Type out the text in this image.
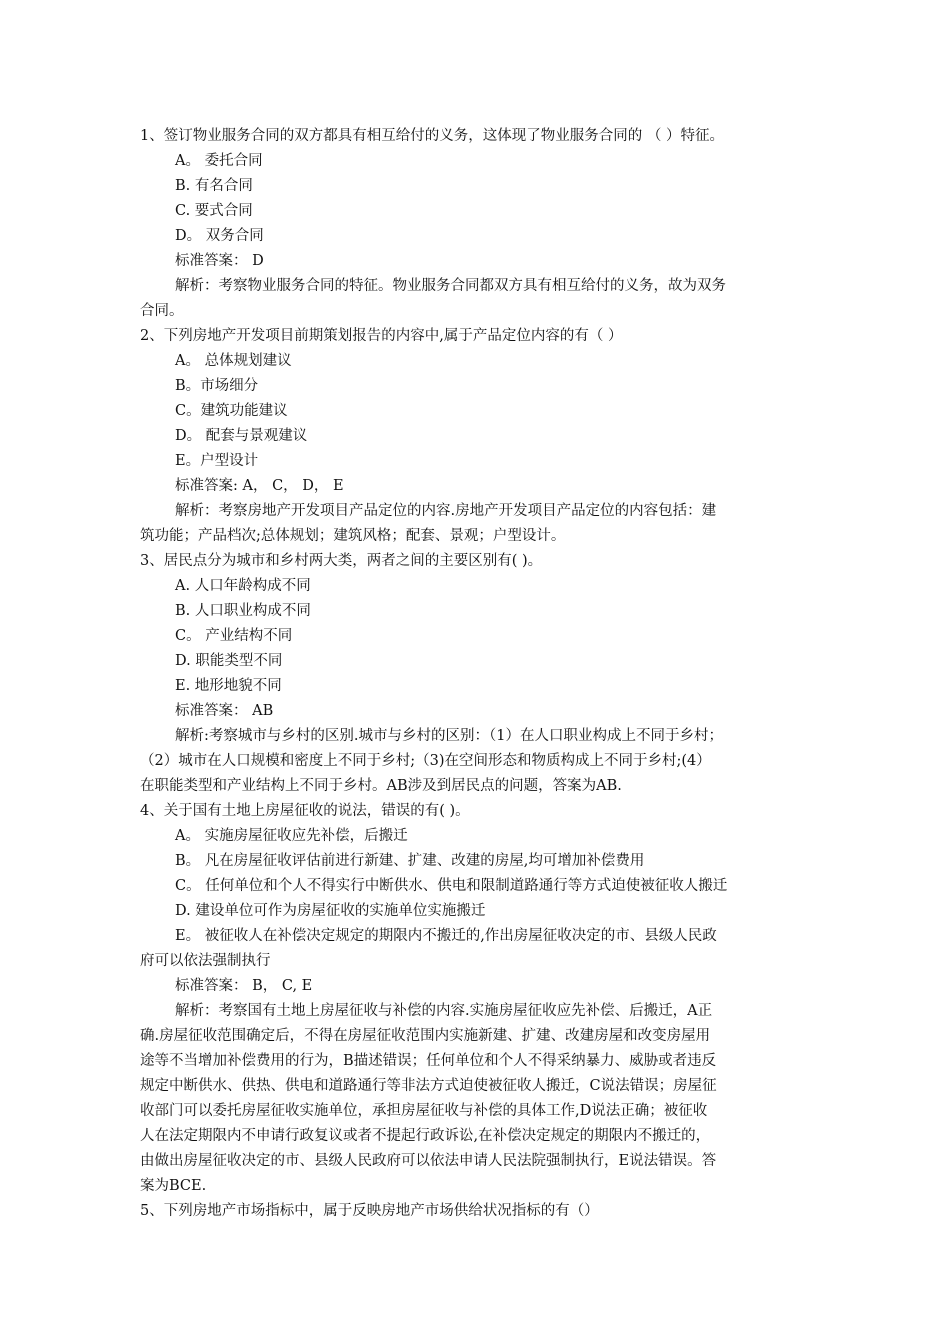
1、签订物业服务合同的双方都具有相互给付的义务，这体现了物业服务合同的 （ ）特征。
A。 委托合同
B. 有名合同
C. 要式合同
D。 双务合同
标准答案： D
解析：考察物业服务合同的特征。物业服务合同都双方具有相互给付的义务，故为双务
合同。
2、下列房地产开发项目前期策划报告的内容中,属于产品定位内容的有（ ）
A。 总体规划建议
B。市场细分
C。建筑功能建议
D。 配套与景观建议
E。户型设计
标准答案: A， C， D， E
解析：考察房地产开发项目产品定位的内容.房地产开发项目产品定位的内容包括：建
筑功能；产品档次;总体规划；建筑风格；配套、景观；户型设计。
3、居民点分为城市和乡村两大类，两者之间的主要区别有( )。
A. 人口年龄构成不同
B. 人口职业构成不同
C。 产业结构不同
D. 职能类型不同
E. 地形地貌不同
标准答案： AB
解析:考察城市与乡村的区别.城市与乡村的区别：（1）在人口职业构成上不同于乡村；
（2）城市在人口规模和密度上不同于乡村;（3)在空间形态和物质构成上不同于乡村;(4）
在职能类型和产业结构上不同于乡村。AB涉及到居民点的问题，答案为AB.
4、关于国有土地上房屋征收的说法，错误的有( )。
A。 实施房屋征收应先补偿，后搬迁
B。 凡在房屋征收评估前进行新建、扩建、改建的房屋,均可增加补偿费用
C。 任何单位和个人不得实行中断供水、供电和限制道路通行等方式迫使被征收人搬迁
D. 建设单位可作为房屋征收的实施单位实施搬迁
E。 被征收人在补偿决定规定的期限内不搬迁的,作出房屋征收决定的市、县级人民政
府可以依法强制执行
标准答案： B， C, E
解析：考察国有土地上房屋征收与补偿的内容.实施房屋征收应先补偿、后搬迁，A正
确.房屋征收范围确定后，不得在房屋征收范围内实施新建、扩建、改建房屋和改变房屋用
途等不当增加补偿费用的行为，B描述错误；任何单位和个人不得采纳暴力、威胁或者违反
规定中断供水、供热、供电和道路通行等非法方式迫使被征收人搬迁，C说法错误；房屋征
收部门可以委托房屋征收实施单位，承担房屋征收与补偿的具体工作,D说法正确；被征收
人在法定期限内不申请行政复议或者不提起行政诉讼,在补偿决定规定的期限内不搬迁的，
由做出房屋征收决定的市、县级人民政府可以依法申请人民法院强制执行，E说法错误。答
案为BCE.
5、下列房地产市场指标中，属于反映房地产市场供给状况指标的有（）
